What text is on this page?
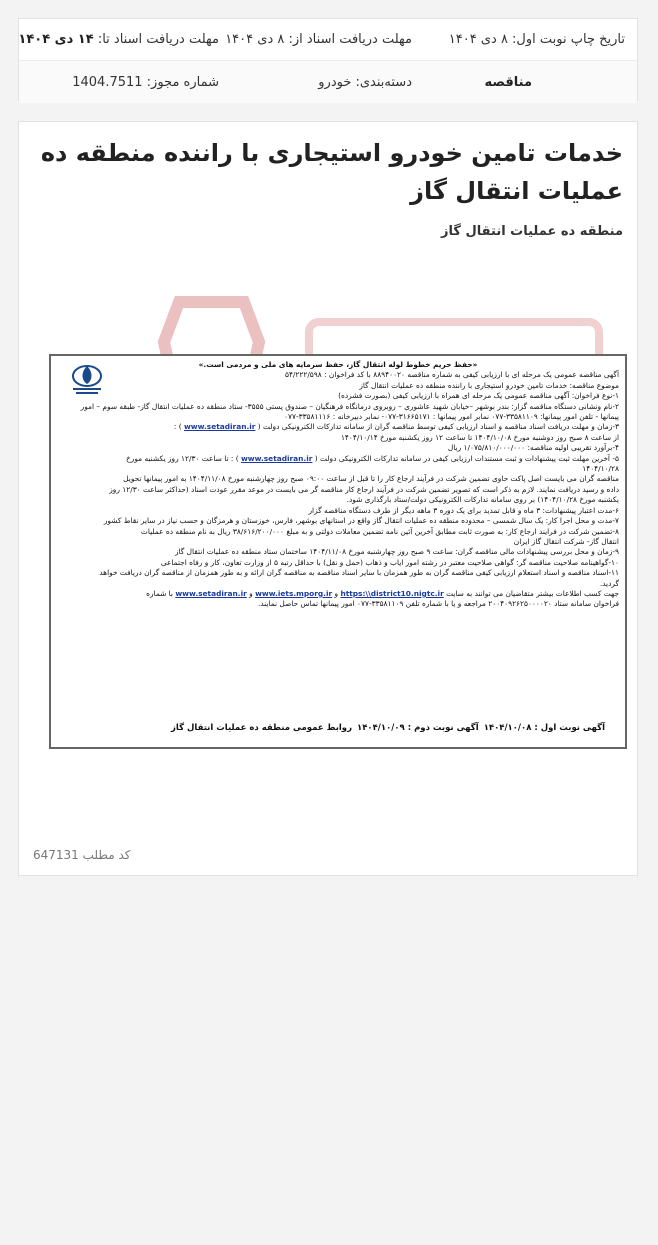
تاریخ چاپ نوبت اول: ۸ دی ۱۴۰۴
مهلت دریافت اسناد از: ۸ دی ۱۴۰۴
مهلت دریافت اسناد تا:

۱۴ دی ۱۴۰۴
مناقصه
دسته‌بندی: خودرو
شماره مجوز: 1404.7511
خدمات تامین خودرو استیجاری با راننده منطقه ده عملیات انتقال گاز
منطقه ده عملیات انتقال گاز
«حفظ حریم خطوط لوله انتقال گاز، حفظ سرمایه های ملی و مردمی است.»
آگهی مناقصه عمومی یک مرحله ای با ارزیابی کیفی به شماره مناقصه ۸۸۹۴۰۰۲۰ با کد فراخوان : ۵۴/۲۲۲/۵۹۸
موضوع مناقصه: خدمات تامین خودرو استیجاری با راننده منطقه ده عملیات انتقال گاز
۱-نوع فراخوان: آگهی مناقصه عمومی یک مرحله ای همراه با ارزیابی کیفی (بصورت فشرده)
۲-نام ونشانی دستگاه مناقصه گزار: بندر بوشهر –خیابان شهید عاشوری – روبروی درمانگاه فرهنگیان – صندوق پستی ۳۵۵۵- ستاد منطقه ده عملیات انتقال گاز- طبقه سوم – امور
پیمانها - تلفن امور پیمانها: ۳۳۵۸۱۱۰۹-۰۷۷ نمابر امور پیمانها : ۳۱۶۶۵۱۷۱-۰۷۷- نمابر دبیرخانه : ۳۳۵۸۱۱۱۶-۰۷۷
۳-زمان و مهلت دریافت اسناد مناقصه و اسناد ارزیابی کیفی توسط مناقصه گران از سامانه تدارکات الکترونیکی دولت ( www.setadiran.ir ) :
از ساعت ۸ صبح روز دوشنبه مورخ ۱۴۰۴/۱۰/۰۸ تا ساعت ۱۲ روز یکشنبه مورخ ۱۴۰۴/۱۰/۱۴
۴-برآورد تقریبی اولیه مناقصه: ۱/۰۷۵/۸۱۰/۰۰۰/۰۰۰ ریال
۵- آخرین مهلت ثبت پیشنهادات و ثبت مستندات ارزیابی کیفی در سامانه تدارکات الکترونیکی دولت ( www.setadiran.ir ) : تا ساعت ۱۲/۳۰ روز یکشنبه مورخ
۱۴۰۴/۱۰/۲۸
مناقصه گران می بایست اصل پاکت حاوی تضمین شرکت در فرآیند ارجاع کار را تا قبل از ساعت ۰۹:۰۰ صبح روز چهارشنبه مورخ ۱۴۰۴/۱۱/۰۸ به امور پیمانها تحویل
داده و رسید دریافت نمایند. لازم به ذکر است که تصویر تضمین شرکت در فرآیند ارجاع کار مناقصه گر می بایست در موعد مقرر عودت اسناد (حداکثر ساعت ۱۲/۳۰ روز
یکشنبه مورخ ۱۴۰۴/۱۰/۲۸) بر روی سامانه تدارکات الکترونیکی دولت/ستاد بارگذاری شود.
۶-مدت اعتبار پیشنهادات: ۳ ماه و قابل تمدید برای یک دوره ۳ ماهه دیگر از طرف دستگاه مناقصه گزار
۷-مدت و محل اجرا کار: یک سال شمسی – محدوده منطقه ده عملیات انتقال گاز واقع در استانهای بوشهر، فارس، خوزستان و هرمزگان و حسب نیاز در سایر نقاط کشور
۸-تضمین شرکت در فرایند ارجاع کار: به صورت ثابت مطابق آخرین آئین نامه تضمین معاملات دولتی و به مبلغ ۳۸/۶۱۶/۲۰۰/۰۰۰ ریال به نام منطقه ده عملیات
انتقال گاز- شرکت انتقال گاز ایران
۹-زمان و محل بررسی پیشنهادات مالی مناقصه گران: ساعت ۹ صبح روز چهارشنبه مورخ ۱۴۰۴/۱۱/۰۸ ساختمان ستاد منطقه ده عملیات انتقال گاز
۱۰-گواهینامه صلاحیت مناقصه گر: گواهی صلاحیت معتبر در رشته امور ایاب و ذهاب (حمل و نقل) با حداقل رتبه ۵ از وزارت تعاون، کار و رفاه اجتماعی
۱۱-اسناد مناقصه و اسناد استعلام ارزیابی کیفی مناقصه گران به طور همزمان با سایر اسناد مناقصه به مناقصه گران ارائه و به طور همزمان از مناقصه گران دریافت خواهد
گردید.
جهت کسب اطلاعات بیشتر متقاضیان می توانند به سایت https:\\district10.nigtc.ir و www.iets.mporg.ir و www.setadiran.ir با شماره
فراخوان سامانه ستاد ۲۰۰۴۰۹۲۶۲۵۰۰۰۰۲۰ مراجعه و یا با شماره تلفن ۳۳۵۸۱۱۰۹-۰۷۷ امور پیمانها تماس حاصل نمایند.
آگهی نوبت اول : ۱۴۰۴/۱۰/۰۸
آگهی نوبت دوم : ۱۴۰۴/۱۰/۰۹
روابط عمومی منطقه ده عملیات انتقال گاز
کد مطلب 647131
